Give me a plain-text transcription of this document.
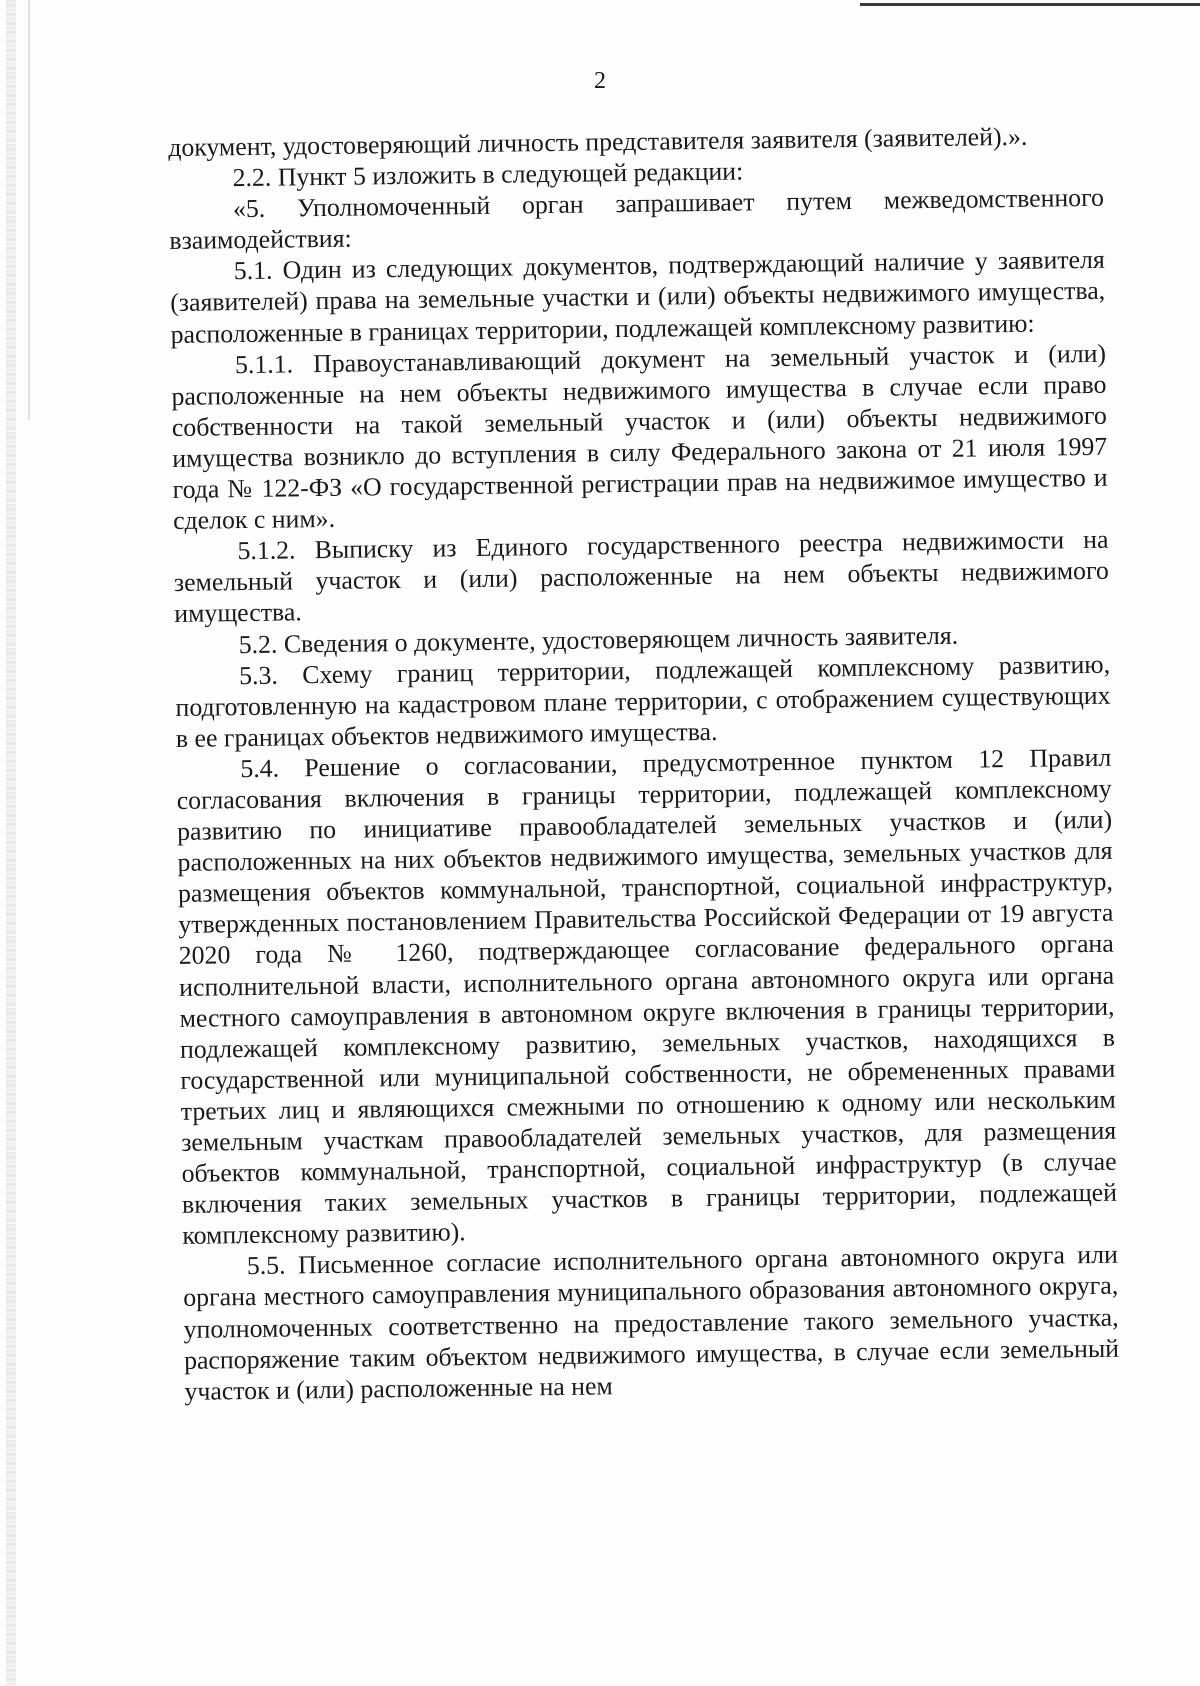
2

документ, удостоверяющий личность представителя заявителя (заявителей).».

2.2. Пункт 5 изложить в следующей редакции:

«5. Уполномоченный орган запрашивает путем межведомственного взаимодействия:

5.1. Один из следующих документов, подтверждающий наличие у заявителя (заявителей) права на земельные участки и (или) объекты недвижимого имущества, расположенные в границах территории, подлежащей комплексному развитию:

5.1.1. Правоустанавливающий документ на земельный участок и (или) расположенные на нем объекты недвижимого имущества в случае если право собственности на такой земельный участок и (или) объекты недвижимого имущества возникло до вступления в силу Федерального закона от 21 июля 1997 года № 122-ФЗ «О государственной регистрации прав на недвижимое имущество и сделок с ним».

5.1.2. Выписку из Единого государственного реестра недвижимости на земельный участок и (или) расположенные на нем объекты недвижимого имущества.

5.2. Сведения о документе, удостоверяющем личность заявителя.

5.3. Схему границ территории, подлежащей комплексному развитию, подготовленную на кадастровом плане территории, с отображением существующих в ее границах объектов недвижимого имущества.

5.4. Решение о согласовании, предусмотренное пунктом 12 Правил согласования включения в границы территории, подлежащей комплексному развитию по инициативе правообладателей земельных участков и (или) расположенных на них объектов недвижимого имущества, земельных участков для размещения объектов коммунальной, транспортной, социальной инфраструктур, утвержденных постановлением Правительства Российской Федерации от 19 августа 2020 года № 1260, подтверждающее согласование федерального органа исполнительной власти, исполнительного органа автономного округа или органа местного самоуправления в автономном округе включения в границы территории, подлежащей комплексному развитию, земельных участков, находящихся в государственной или муниципальной собственности, не обремененных правами третьих лиц и являющихся смежными по отношению к одному или нескольким земельным участкам правообладателей земельных участков, для размещения объектов коммунальной, транспортной, социальной инфраструктур (в случае включения таких земельных участков в границы территории, подлежащей комплексному развитию).

5.5. Письменное согласие исполнительного органа автономного округа или органа местного самоуправления муниципального образования автономного округа, уполномоченных соответственно на предоставление такого земельного участка, распоряжение таким объектом недвижимого имущества, в случае если земельный участок и (или) расположенные на нем
